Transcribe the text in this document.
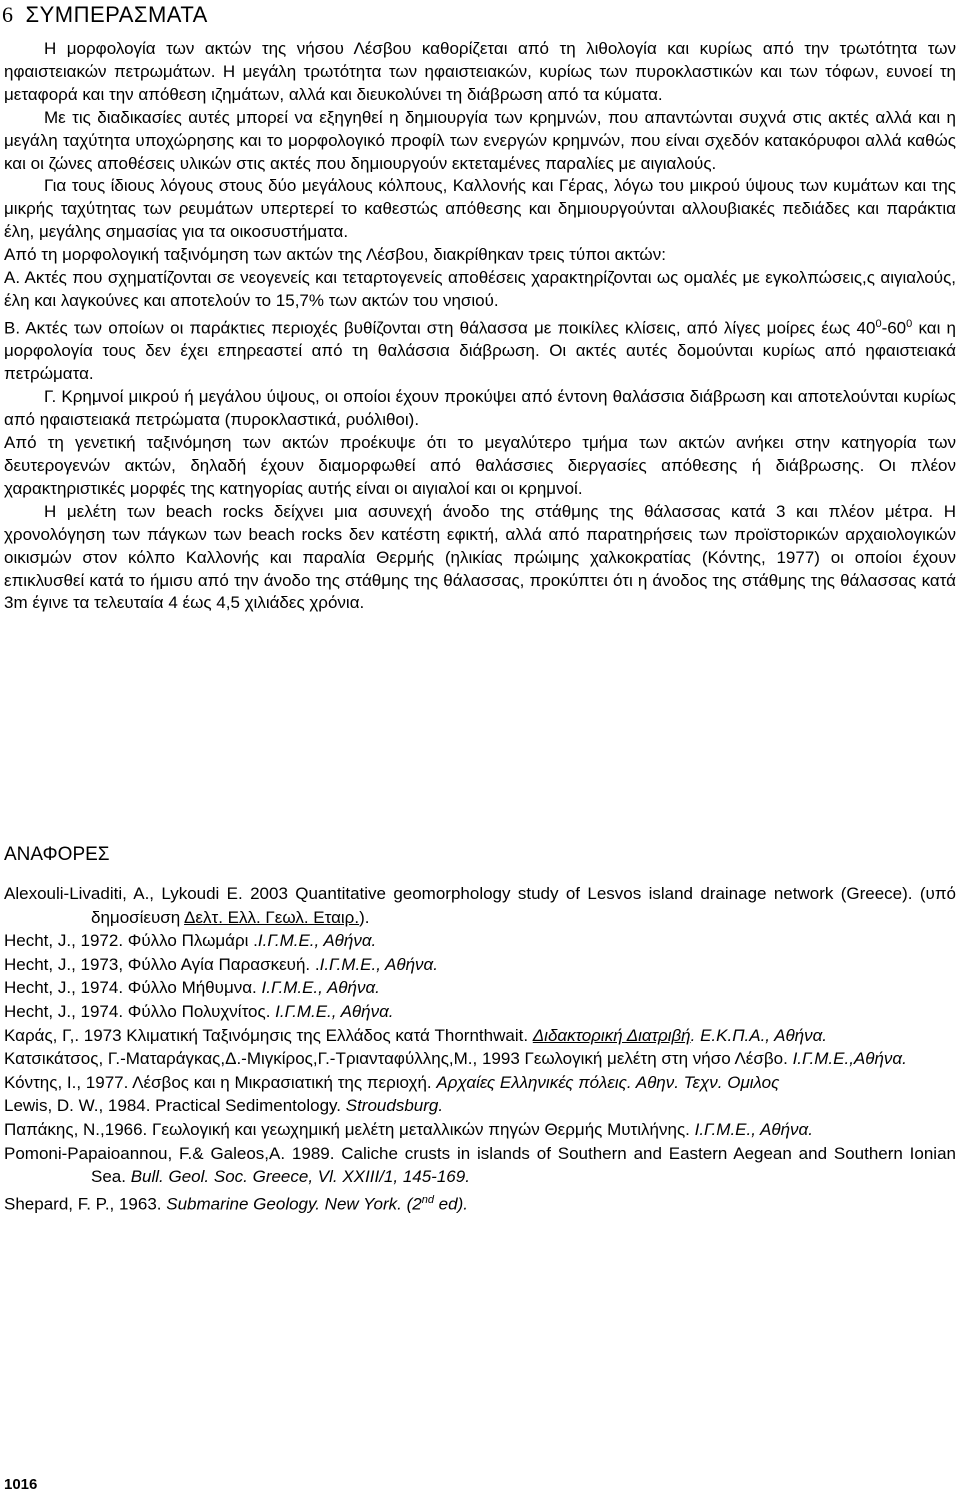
6 ΣΥΜΠΕΡΑΣΜΑΤΑ

Η μορφολογία των ακτών της νήσου Λέσβου καθορίζεται από τη λιθολογία και κυρίως από την τρωτότητα των ηφαιστειακών πετρωμάτων. Η μεγάλη τρωτότητα των ηφαιστειακών, κυρίως των πυροκλαστικών και των τόφων, ευνοεί τη μεταφορά και την απόθεση ιζημάτων, αλλά και διευκολύνει τη διάβρωση από τα κύματα.

Με τις διαδικασίες αυτές μπορεί να εξηγηθεί η δημιουργία των κρημνών, που απαντώνται συχνά στις ακτές αλλά και η μεγάλη ταχύτητα υποχώρησης και το μορφολογικό προφίλ των ενεργών κρημνών, που είναι σχεδόν κατακόρυφοι αλλά καθώς και οι ζώνες αποθέσεις υλικών στις ακτές που δημιουργούν εκτεταμένες παραλίες με αιγιαλούς.

Για τους ίδιους λόγους στους δύο μεγάλους κόλπους, Καλλονής και Γέρας, λόγω του μικρού ύψους των κυμάτων και της μικρής ταχύτητας των ρευμάτων υπερτερεί το καθεστώς απόθεσης και δημιουργούνται αλλουβιακές πεδιάδες και παράκτια έλη, μεγάλης σημασίας για τα οικοσυστήματα.

Από τη μορφολογική ταξινόμηση των ακτών της Λέσβου, διακρίθηκαν τρεις τύποι ακτών:

Α. Ακτές που σχηματίζονται σε νεογενείς και τεταρτογενείς αποθέσεις χαρακτηρίζονται ως ομαλές με εγκολπώσεις,ς αιγιαλούς, έλη και λαγκούνες και αποτελούν το 15,7% των ακτών του νησιού.

Β. Ακτές των οποίων οι παράκτιες περιοχές βυθίζονται στη θάλασσα με ποικίλες κλίσεις, από λίγες μοίρες έως $40^0-60^0$ και η μορφολογία τους δεν έχει επηρεαστεί από τη θαλάσσια διάβρωση. Οι ακτές αυτές δομούνται κυρίως από ηφαιστειακά πετρώματα.

Γ. Κρημνοί μικρού ή μεγάλου ύψους, οι οποίοι έχουν προκύψει από έντονη θαλάσσια διάβρωση και αποτελούνται κυρίως από ηφαιστειακά πετρώματα (πυροκλαστικά, ρυόλιθοι).

Από τη γενετική ταξινόμηση των ακτών προέκυψε ότι το μεγαλύτερο τμήμα των ακτών ανήκει στην κατηγορία των δευτερογενών ακτών, δηλαδή έχουν διαμορφωθεί από θαλάσσιες διεργασίες απόθεσης ή διάβρωσης. Οι πλέον χαρακτηριστικές μορφές της κατηγορίας αυτής είναι οι αιγιαλοί και οι κρημνοί.

Η μελέτη των beach rocks δείχνει μια ασυνεχή άνοδο της στάθμης της θάλασσας κατά 3 και πλέον μέτρα. Η χρονολόγηση των πάγκων των beach rocks δεν κατέστη εφικτή, αλλά από παρατηρήσεις των προϊστορικών αρχαιολογικών οικισμών στον κόλπο Καλλονής και παραλία Θερμής (ηλικίας πρώιμης χαλκοκρατίας (Κόντης, 1977) οι οποίοι έχουν επικλυσθεί κατά το ήμισυ από την άνοδο της στάθμης της θάλασσας, προκύπτει ότι η άνοδος της στάθμης της θάλασσας κατά 3m έγινε τα τελευταία 4 έως 4,5 χιλιάδες χρόνια.

ΑΝΑΦΟΡΕΣ
Alexouli-Livaditi, A., Lykoudi E. 2003 Quantitative geomorphology study of Lesvos island drainage network (Greece). (υπό δημοσίευση Δελτ. Ελλ. Γεωλ. Εταιρ.).
Hecht, J., 1972. Φύλλο Πλωμάρι .Ι.Γ.Μ.Ε., Αθήνα.
Hecht, J., 1973, Φύλλο Αγία Παρασκευή. .Ι.Γ.Μ.Ε., Αθήνα.
Hecht, J., 1974. Φύλλο Μήθυμνα. Ι.Γ.Μ.Ε., Αθήνα.
Hecht, J., 1974. Φύλλο Πολυχνίτος. Ι.Γ.Μ.Ε., Αθήνα.
Καράς, Γ,. 1973 Κλιματική Ταξινόμησις της Ελλάδος κατά Thornthwait. Διδακτορική Διατριβή. Ε.Κ.Π.Α., Αθήνα.
Κατσικάτσος, Γ.-Ματαράγκας,Δ.-Μιγκίρος,Γ.-Τριανταφύλλης,Μ., 1993 Γεωλογική μελέτη στη νήσο Λέσβο. Ι.Γ.Μ.Ε.,Αθήνα.
Κόντης, Ι., 1977. Λέσβος και η Μικρασιατική της περιοχή. Αρχαίες Ελληνικές πόλεις. Αθην. Τεχν. Ομιλος
Lewis, D. W., 1984. Practical Sedimentology. Stroudsburg.
Παπάκης, Ν.,1966. Γεωλογική και γεωχημική μελέτη μεταλλικών πηγών Θερμής Μυτιλήνης. Ι.Γ.Μ.Ε., Αθήνα.
Pomoni-Papaioannou, F.& Galeos,A. 1989. Caliche crusts in islands of Southern and Eastern Aegean and Southern Ionian Sea. Bull. Geol. Soc. Greece, Vl. XXIII/1, 145-169.
Shepard, F. P., 1963. Submarine Geology. New York. (2nd ed).
1016
